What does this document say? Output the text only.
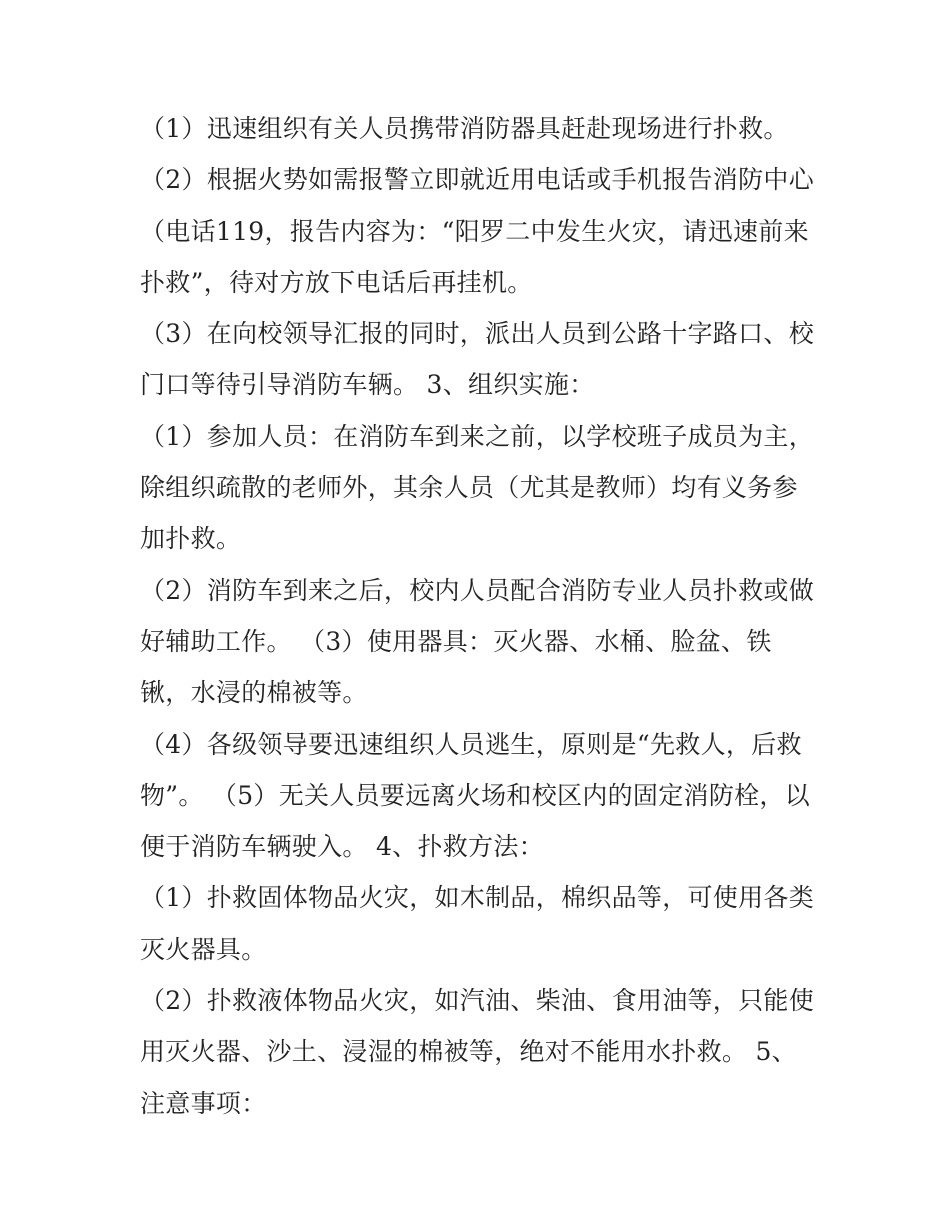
（1）迅速组织有关人员携带消防器具赶赴现场进行扑救。

（2）根据火势如需报警立即就近用电话或手机报告消防中心（电话119，报告内容为：“阳罗二中发生火灾，请迅速前来扑救”，待对方放下电话后再挂机。

（3）在向校领导汇报的同时，派出人员到公路十字路口、校门口等待引导消防车辆。 3、组织实施：

（1）参加人员：在消防车到来之前，以学校班子成员为主，除组织疏散的老师外，其余人员（尤其是教师）均有义务参加扑救。

（2）消防车到来之后，校内人员配合消防专业人员扑救或做好辅助工作。 （3）使用器具：灭火器、水桶、脸盆、铁锹，水浸的棉被等。

（4）各级领导要迅速组织人员逃生，原则是“先救人，后救物”。 （5）无关人员要远离火场和校区内的固定消防栓，以便于消防车辆驶入。 4、扑救方法：

（1）扑救固体物品火灾，如木制品，棉织品等，可使用各类灭火器具。

（2）扑救液体物品火灾，如汽油、柴油、食用油等，只能使用灭火器、沙土、浸湿的棉被等，绝对不能用水扑救。 5、注意事项：
